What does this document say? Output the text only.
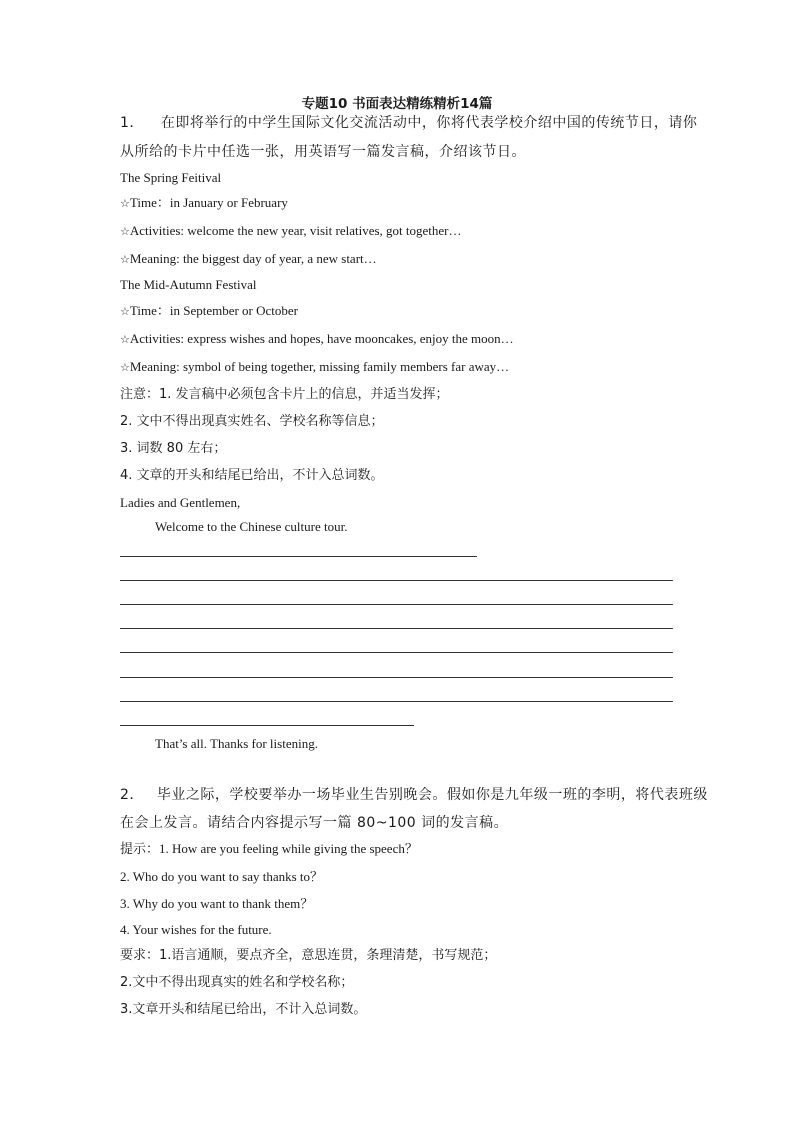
专题10 书面表达精练精析14篇
1． 在即将举行的中学生国际文化交流活动中，你将代表学校介绍中国的传统节日，请你
从所给的卡片中任选一张，用英语写一篇发言稿，介绍该节日。
The Spring Feitival
☆Time：in January or February
☆Activities: welcome the new year, visit relatives, got together…
☆Meaning: the biggest day of year, a new start…
The Mid-Autumn Festival
☆Time：in September or October
☆Activities: express wishes and hopes, have mooncakes, enjoy the moon…
☆Meaning: symbol of being together, missing family members far away…
注意：1. 发言稿中必须包含卡片上的信息，并适当发挥；
2. 文中不得出现真实姓名、学校名称等信息；
3. 词数 80 左右；
4. 文章的开头和结尾已给出，不计入总词数。
Ladies and Gentlemen,
Welcome to the Chinese culture tour.
That’s all. Thanks for listening.
2． 毕业之际，学校要举办一场毕业生告别晚会。假如你是九年级一班的李明，将代表班级
在会上发言。请结合内容提示写一篇 80~100 词的发言稿。
提示：1. How are you feeling while giving the speech？
2. Who do you want to say thanks to？
3. Why do you want to thank them？
4. Your wishes for the future.
要求：1.语言通顺，要点齐全，意思连贯，条理清楚，书写规范；
2.文中不得出现真实的姓名和学校名称；
3.文章开头和结尾已给出，不计入总词数。
